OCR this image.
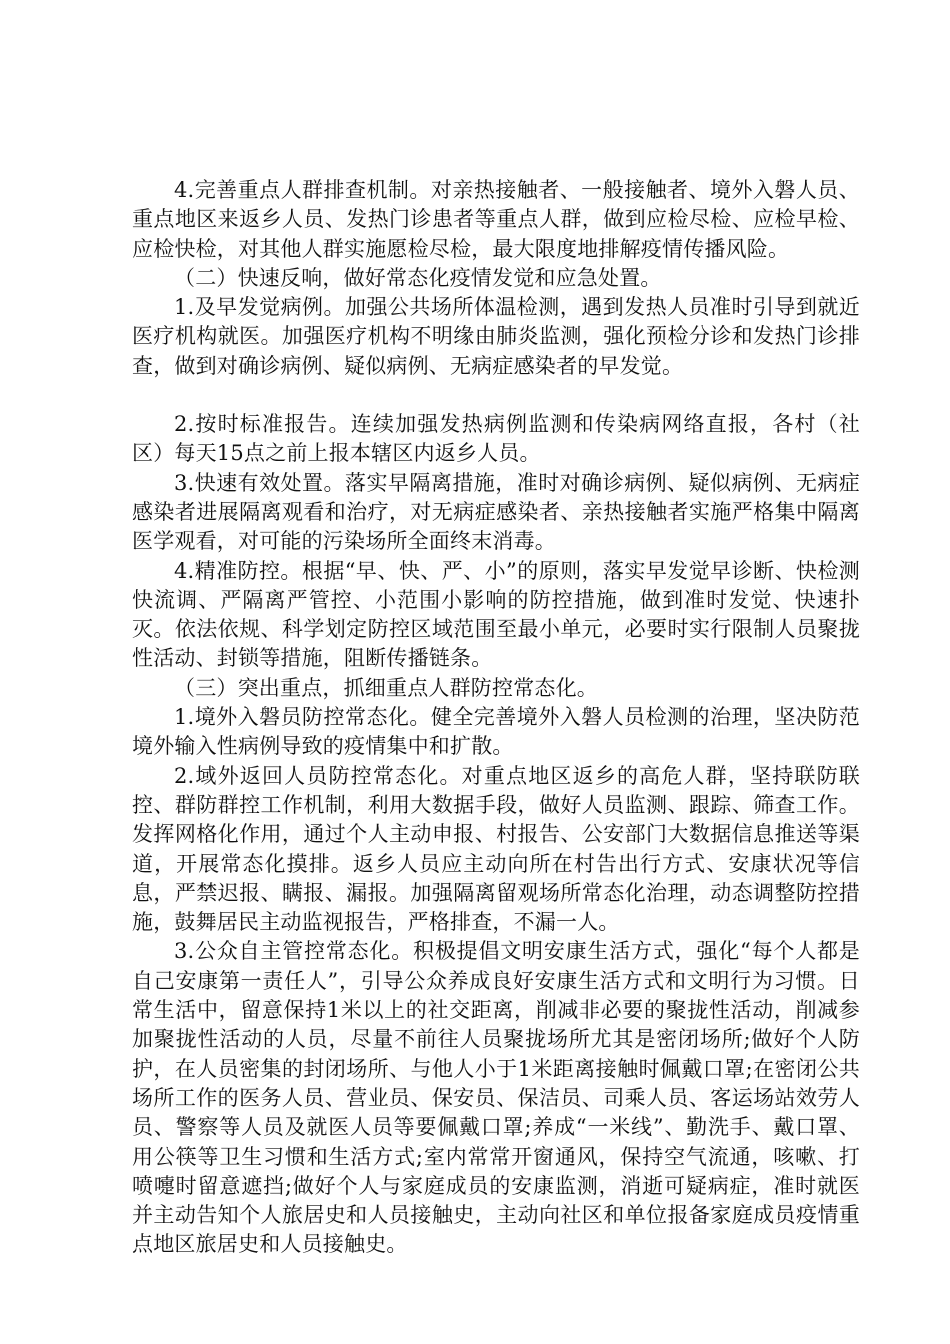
4.完善重点人群排查机制。对亲热接触者、一般接触者、境外入磐人员、重点地区来返乡人员、发热门诊患者等重点人群，做到应检尽检、应检早检、应检快检，对其他人群实施愿检尽检，最大限度地排解疫情传播风险。

（二）快速反响，做好常态化疫情发觉和应急处置。

1.及早发觉病例。加强公共场所体温检测，遇到发热人员准时引导到就近医疗机构就医。加强医疗机构不明缘由肺炎监测，强化预检分诊和发热门诊排查，做到对确诊病例、疑似病例、无病症感染者的早发觉。

2.按时标准报告。连续加强发热病例监测和传染病网络直报，各村（社区）每天15点之前上报本辖区内返乡人员。

3.快速有效处置。落实早隔离措施，准时对确诊病例、疑似病例、无病症感染者进展隔离观看和治疗，对无病症感染者、亲热接触者实施严格集中隔离医学观看，对可能的污染场所全面终末消毒。

4.精准防控。根据“早、快、严、小”的原则，落实早发觉早诊断、快检测快流调、严隔离严管控、小范围小影响的防控措施，做到准时发觉、快速扑灭。依法依规、科学划定防控区域范围至最小单元，必要时实行限制人员聚拢性活动、封锁等措施，阻断传播链条。

（三）突出重点，抓细重点人群防控常态化。

1.境外入磐员防控常态化。健全完善境外入磐人员检测的治理，坚决防范境外输入性病例导致的疫情集中和扩散。

2.域外返回人员防控常态化。对重点地区返乡的高危人群，坚持联防联控、群防群控工作机制，利用大数据手段，做好人员监测、跟踪、筛查工作。发挥网格化作用，通过个人主动申报、村报告、公安部门大数据信息推送等渠道，开展常态化摸排。返乡人员应主动向所在村告出行方式、安康状况等信息，严禁迟报、瞒报、漏报。加强隔离留观场所常态化治理，动态调整防控措施，鼓舞居民主动监视报告，严格排查，不漏一人。

3.公众自主管控常态化。积极提倡文明安康生活方式，强化“每个人都是自己安康第一责任人”，引导公众养成良好安康生活方式和文明行为习惯。日常生活中，留意保持1米以上的社交距离，削减非必要的聚拢性活动，削减参加聚拢性活动的人员，尽量不前往人员聚拢场所尤其是密闭场所;做好个人防护，在人员密集的封闭场所、与他人小于1米距离接触时佩戴口罩;在密闭公共场所工作的医务人员、营业员、保安员、保洁员、司乘人员、客运场站效劳人员、警察等人员及就医人员等要佩戴口罩;养成“一米线”、勤洗手、戴口罩、用公筷等卫生习惯和生活方式;室内常常开窗通风，保持空气流通，咳嗽、打喷嚏时留意遮挡;做好个人与家庭成员的安康监测，消逝可疑病症，准时就医并主动告知个人旅居史和人员接触史，主动向社区和单位报备家庭成员疫情重点地区旅居史和人员接触史。
